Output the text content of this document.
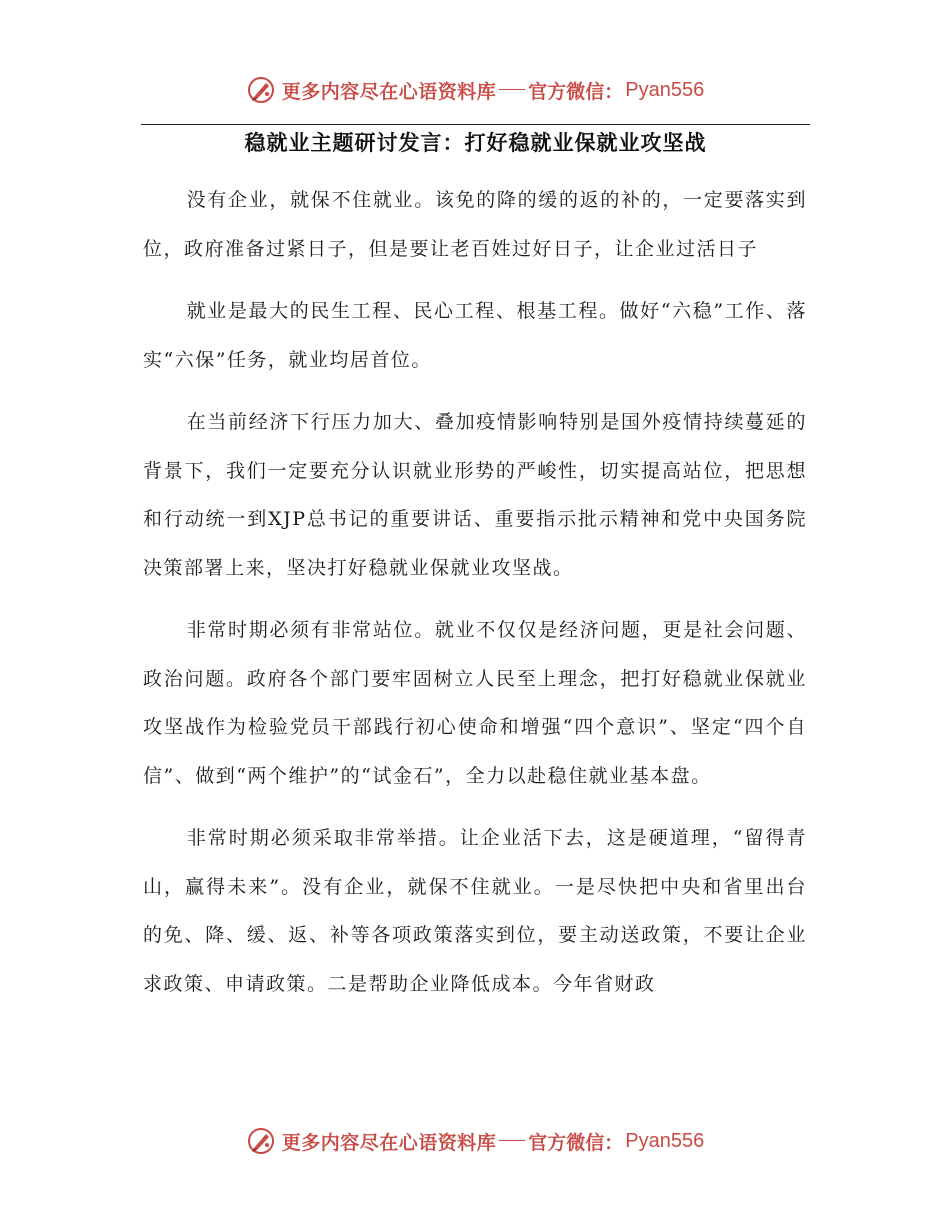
更多内容尽在心语资料库 官方微信： Pyan556
稳就业主题研讨发言：打好稳就业保就业攻坚战

没有企业，就保不住就业。该免的降的缓的返的补的，一定要落实到位，政府准备过紧日子，但是要让老百姓过好日子，让企业过活日子

就业是最大的民生工程、民心工程、根基工程。做好“六稳”工作、落实“六保”任务，就业均居首位。

在当前经济下行压力加大、叠加疫情影响特别是国外疫情持续蔓延的背景下，我们一定要充分认识就业形势的严峻性，切实提高站位，把思想和行动统一到XJP总书记的重要讲话、重要指示批示精神和党中央国务院决策部署上来，坚决打好稳就业保就业攻坚战。

非常时期必须有非常站位。就业不仅仅是经济问题，更是社会问题、政治问题。政府各个部门要牢固树立人民至上理念，把打好稳就业保就业攻坚战作为检验党员干部践行初心使命和增强“四个意识”、坚定“四个自信”、做到“两个维护”的“试金石”，全力以赴稳住就业基本盘。

非常时期必须采取非常举措。让企业活下去，这是硬道理，“留得青山，赢得未来”。没有企业，就保不住就业。一是尽快把中央和省里出台的免、降、缓、返、补等各项政策落实到位，要主动送政策，不要让企业求政策、申请政策。二是帮助企业降低成本。今年省财政

更多内容尽在心语资料库 官方微信： Pyan556
